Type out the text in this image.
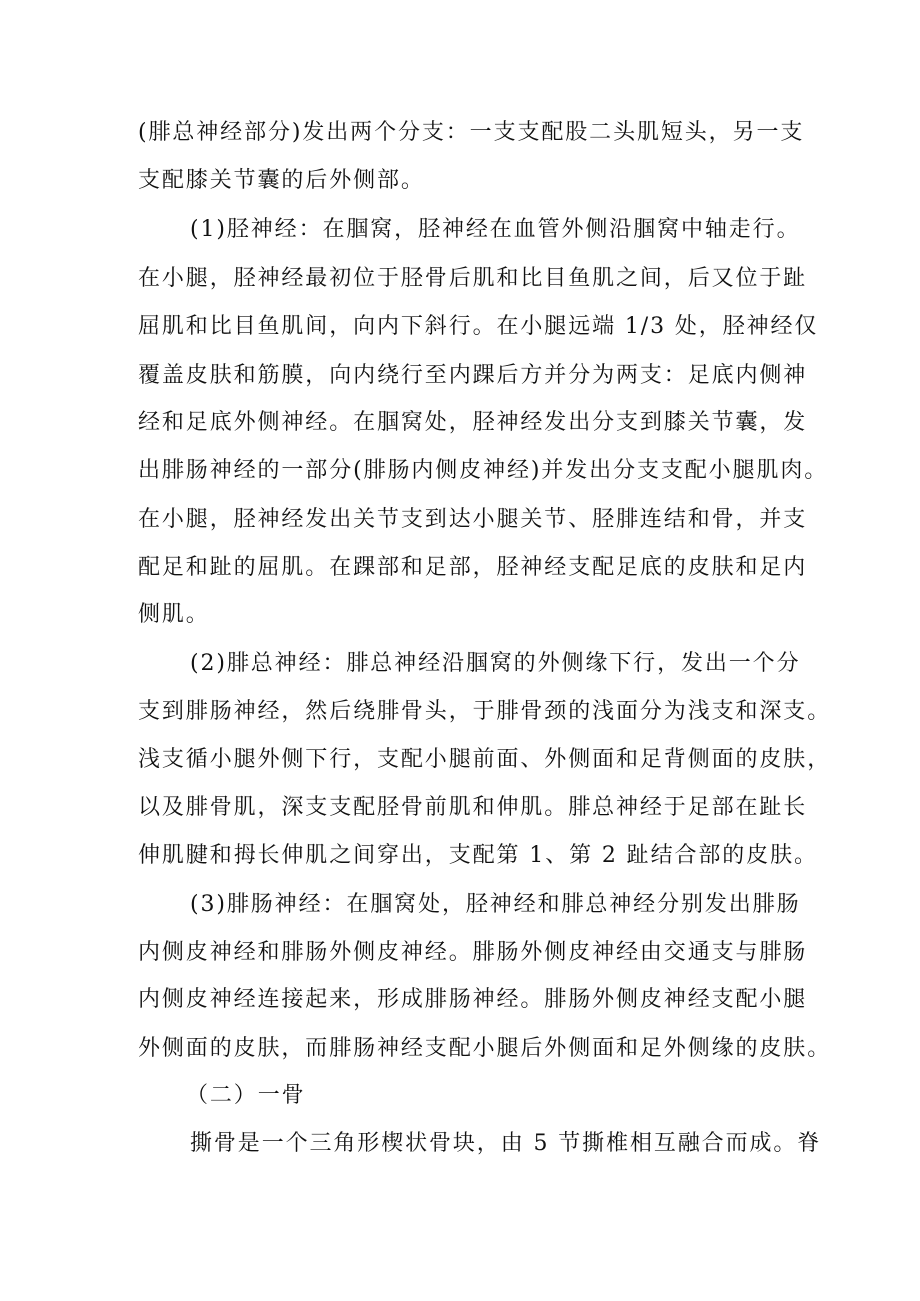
(腓总神经部分)发出两个分支：一支支配股二头肌短头，另一支
支配膝关节囊的后外侧部。
(1)胫神经：在腘窝，胫神经在血管外侧沿腘窝中轴走行。
在小腿，胫神经最初位于胫骨后肌和比目鱼肌之间，后又位于趾
屈肌和比目鱼肌间，向内下斜行。在小腿远端 1/3 处，胫神经仅
覆盖皮肤和筋膜，向内绕行至内踝后方并分为两支：足底内侧神
经和足底外侧神经。在腘窝处，胫神经发出分支到膝关节囊，发
出腓肠神经的一部分(腓肠内侧皮神经)并发出分支支配小腿肌肉。
在小腿，胫神经发出关节支到达小腿关节、胫腓连结和骨，并支
配足和趾的屈肌。在踝部和足部，胫神经支配足底的皮肤和足内
侧肌。
(2)腓总神经：腓总神经沿腘窝的外侧缘下行，发出一个分
支到腓肠神经，然后绕腓骨头，于腓骨颈的浅面分为浅支和深支。
浅支循小腿外侧下行，支配小腿前面、外侧面和足背侧面的皮肤，
以及腓骨肌，深支支配胫骨前肌和伸肌。腓总神经于足部在趾长
伸肌腱和拇长伸肌之间穿出，支配第 1、第 2 趾结合部的皮肤。
(3)腓肠神经：在腘窝处，胫神经和腓总神经分别发出腓肠
内侧皮神经和腓肠外侧皮神经。腓肠外侧皮神经由交通支与腓肠
内侧皮神经连接起来，形成腓肠神经。腓肠外侧皮神经支配小腿
外侧面的皮肤，而腓肠神经支配小腿后外侧面和足外侧缘的皮肤。
（二）一骨
撕骨是一个三角形楔状骨块，由 5 节撕椎相互融合而成。脊
